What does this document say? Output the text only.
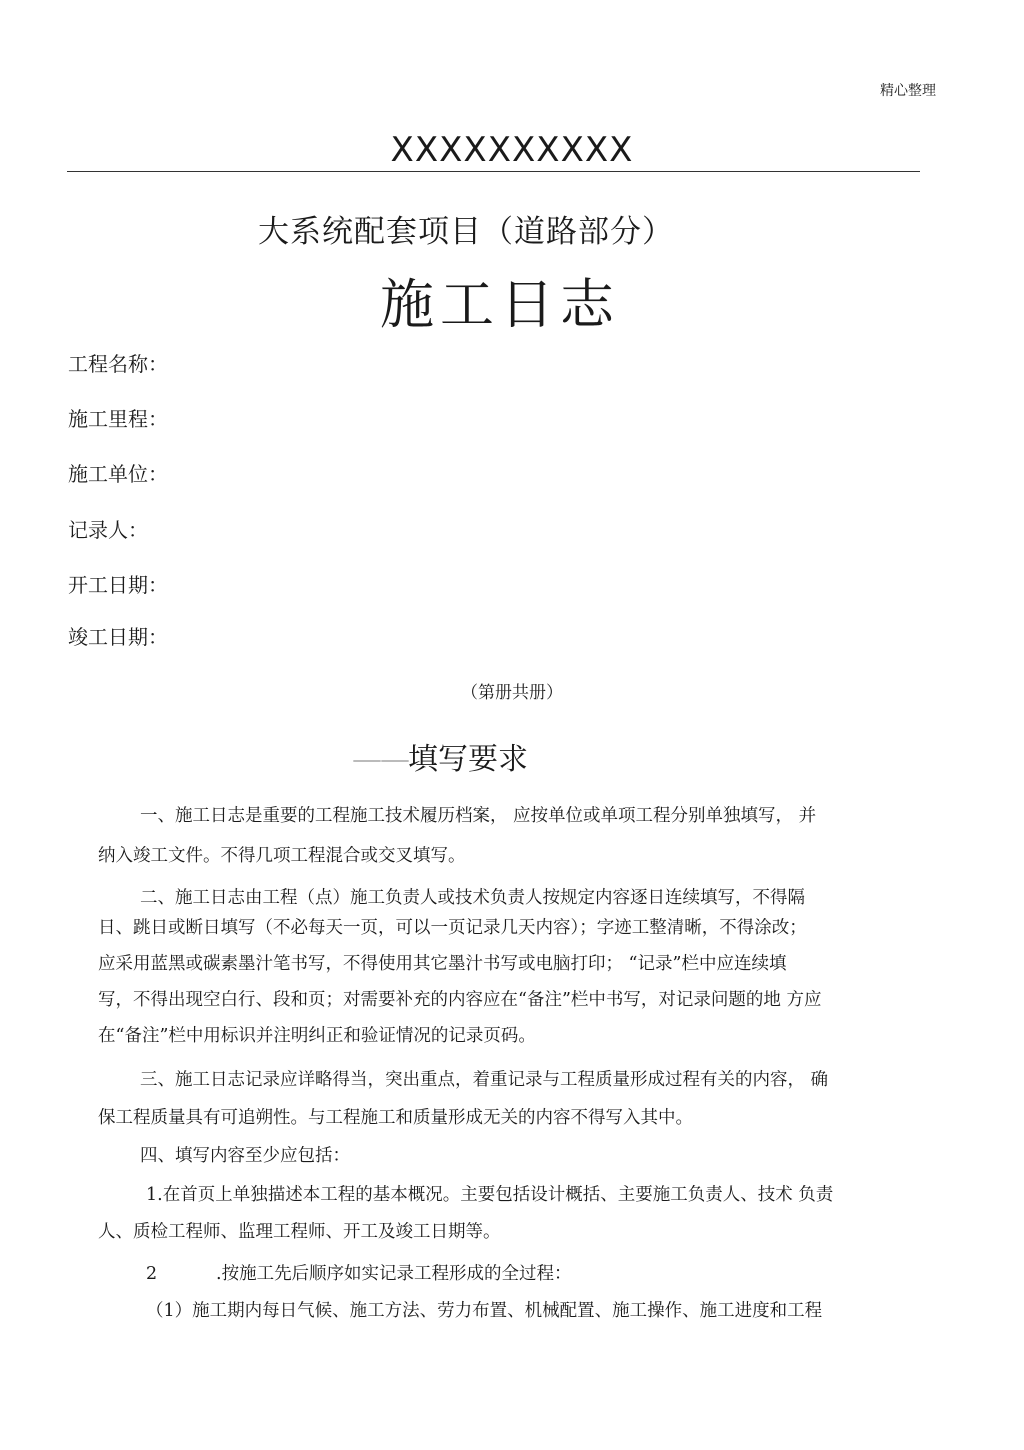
精心整理
XXXXXXXXXX
大系统配套项目（道路部分）
施工日志
工程名称：
施工里程：
施工单位：
记录人：
开工日期：
竣工日期：
（第册共册）
——填写要求
一、施工日志是重要的工程施工技术履历档案， 应按单位或单项工程分别单独填写， 并
纳入竣工文件。不得几项工程混合或交叉填写。
二、施工日志由工程（点）施工负责人或技术负责人按规定内容逐日连续填写，不得隔
日、跳日或断日填写（不必每天一页，可以一页记录几天内容）；字迹工整清晰，不得涂改；
应采用蓝黑或碳素墨汁笔书写，不得使用其它墨汁书写或电脑打印； “记录”栏中应连续填
写，不得出现空白行、段和页；对需要补充的内容应在“备注”栏中书写，对记录问题的地 方应
在“备注”栏中用标识并注明纠正和验证情况的记录页码。
三、施工日志记录应详略得当，突出重点，着重记录与工程质量形成过程有关的内容， 确
保工程质量具有可追朔性。与工程施工和质量形成无关的内容不得写入其中。
四、填写内容至少应包括：
1.在首页上单独描述本工程的基本概况。主要包括设计概括、主要施工负责人、技术 负责
人、质检工程师、监理工程师、开工及竣工日期等。
2	.按施工先后顺序如实记录工程形成的全过程：
（1）施工期内每日气候、施工方法、劳力布置、机械配置、施工操作、施工进度和工程
